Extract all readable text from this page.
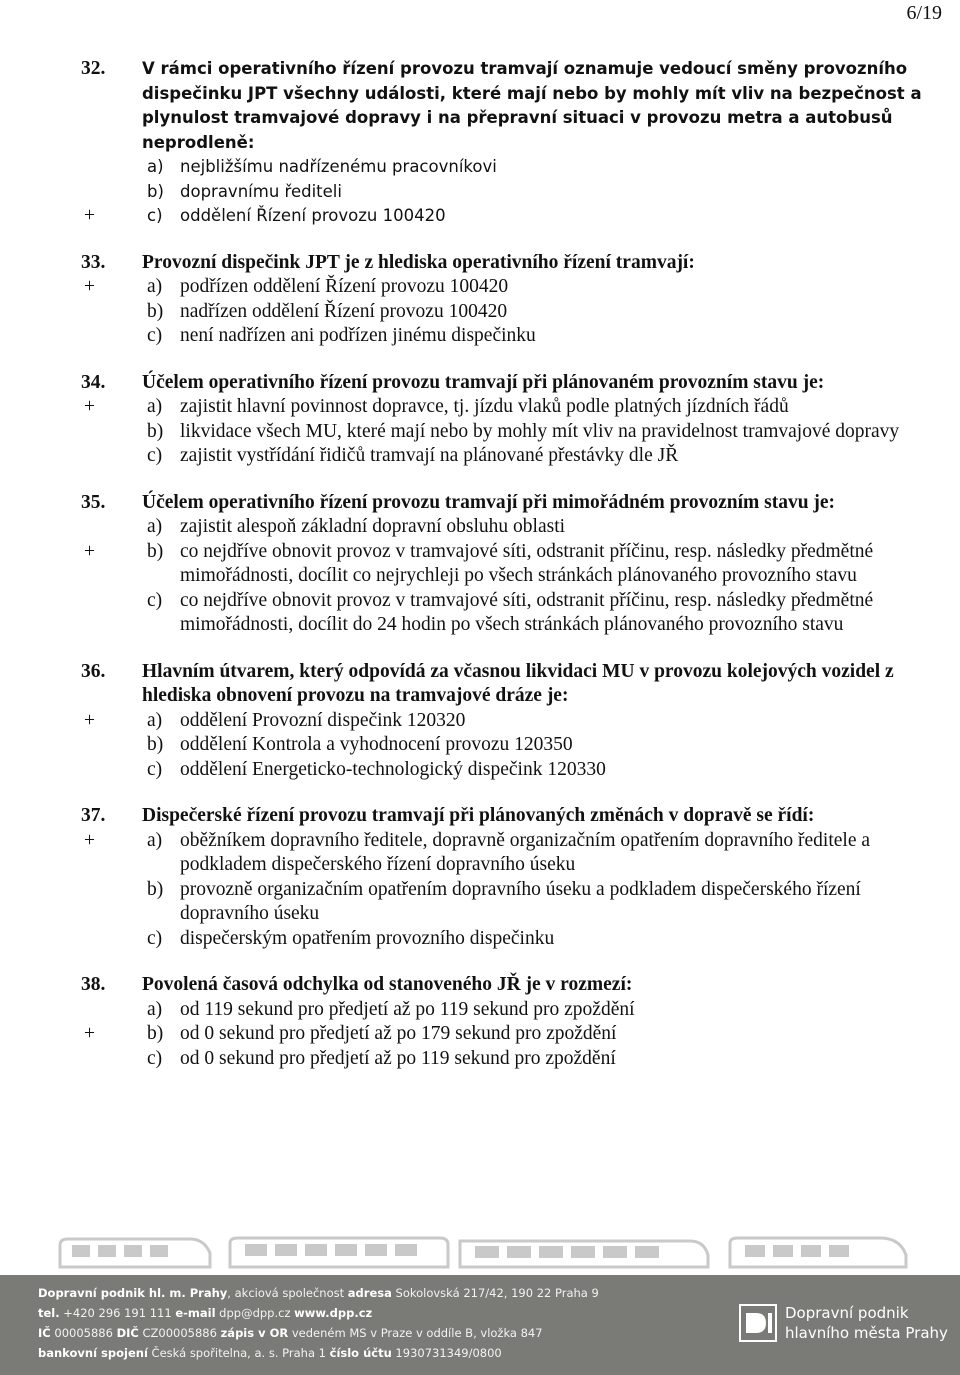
6/19
32. V rámci operativního řízení provozu tramvají oznamuje vedoucí směny provozního dispečinku JPT všechny události, které mají nebo by mohly mít vliv na bezpečnost a plynulost tramvajové dopravy i na přepravní situaci v provozu metra a autobusů neprodleně:
a) nejbližšímu nadřízenému pracovníkovi
b) dopravnímu řediteli
+	c) oddělení Řízení provozu 100420
33. Provozní dispečink JPT je z hlediska operativního řízení tramvají:
+	a) podřízen oddělení Řízení provozu 100420
b) nadřízen oddělení Řízení provozu 100420
c) není nadřízen ani podřízen jinému dispečinku
34. Účelem operativního řízení provozu tramvají při plánovaném provozním stavu je:
+	a) zajistit hlavní povinnost dopravce, tj. jízdu vlaků podle platných jízdních řádů
b) likvidace všech MU, které mají nebo by mohly mít vliv na pravidelnost tramvajové dopravy
c) zajistit vystřídání řidičů tramvají na plánované přestávky dle JŘ
35. Účelem operativního řízení provozu tramvají při mimořádném provozním stavu je:
a) zajistit alespoň základní dopravní obsluhu oblasti
+	b) co nejdříve obnovit provoz v tramvajové síti, odstranit příčinu, resp. následky předmětné mimořádnosti, docílit co nejrychleji po všech stránkách plánovaného provozního stavu
c) co nejdříve obnovit provoz v tramvajové síti, odstranit příčinu, resp. následky předmětné mimořádnosti, docílit do 24 hodin po všech stránkách plánovaného provozního stavu
36. Hlavním útvarem, který odpovídá za včasnou likvidaci MU v provozu kolejových vozidel z hlediska obnovení provozu na tramvajové dráze je:
+	a) oddělení Provozní dispečink 120320
b) oddělení Kontrola a vyhodnocení provozu 120350
c) oddělení Energeticko-technologický dispečink 120330
37. Dispečerské řízení provozu tramvají při plánovaných změnách v dopravě se řídí:
+	a) oběžníkem dopravního ředitele, dopravně organizačním opatřením dopravního ředitele a podkladem dispečerského řízení dopravního úseku
b) provozně organizačním opatřením dopravního úseku a podkladem dispečerského řízení dopravního úseku
c) dispečerským opatřením provozního dispečinku
38. Povolená časová odchylka od stanoveného JŘ je v rozmezí:
a) od 119 sekund pro předjetí až po 119 sekund pro zpoždění
+	b) od 0 sekund pro předjetí až po 179 sekund pro zpoždění
c) od 0 sekund pro předjetí až po 119 sekund pro zpoždění
Dopravní podnik hl. m. Prahy, akciová společnost adresa Sokolovská 217/42, 190 22 Praha 9
tel. +420 296 191 111 e-mail dpp@dpp.cz www.dpp.cz
IČ 00005886 DIČ CZ00005886 zápis v OR vedeném MS v Praze v oddíle B, vložka 847
bankovní spojení Česká spořitelna, a. s. Praha 1 číslo účtu 1930731349/0800
Dopravní podnik
hlavního města Prahy
